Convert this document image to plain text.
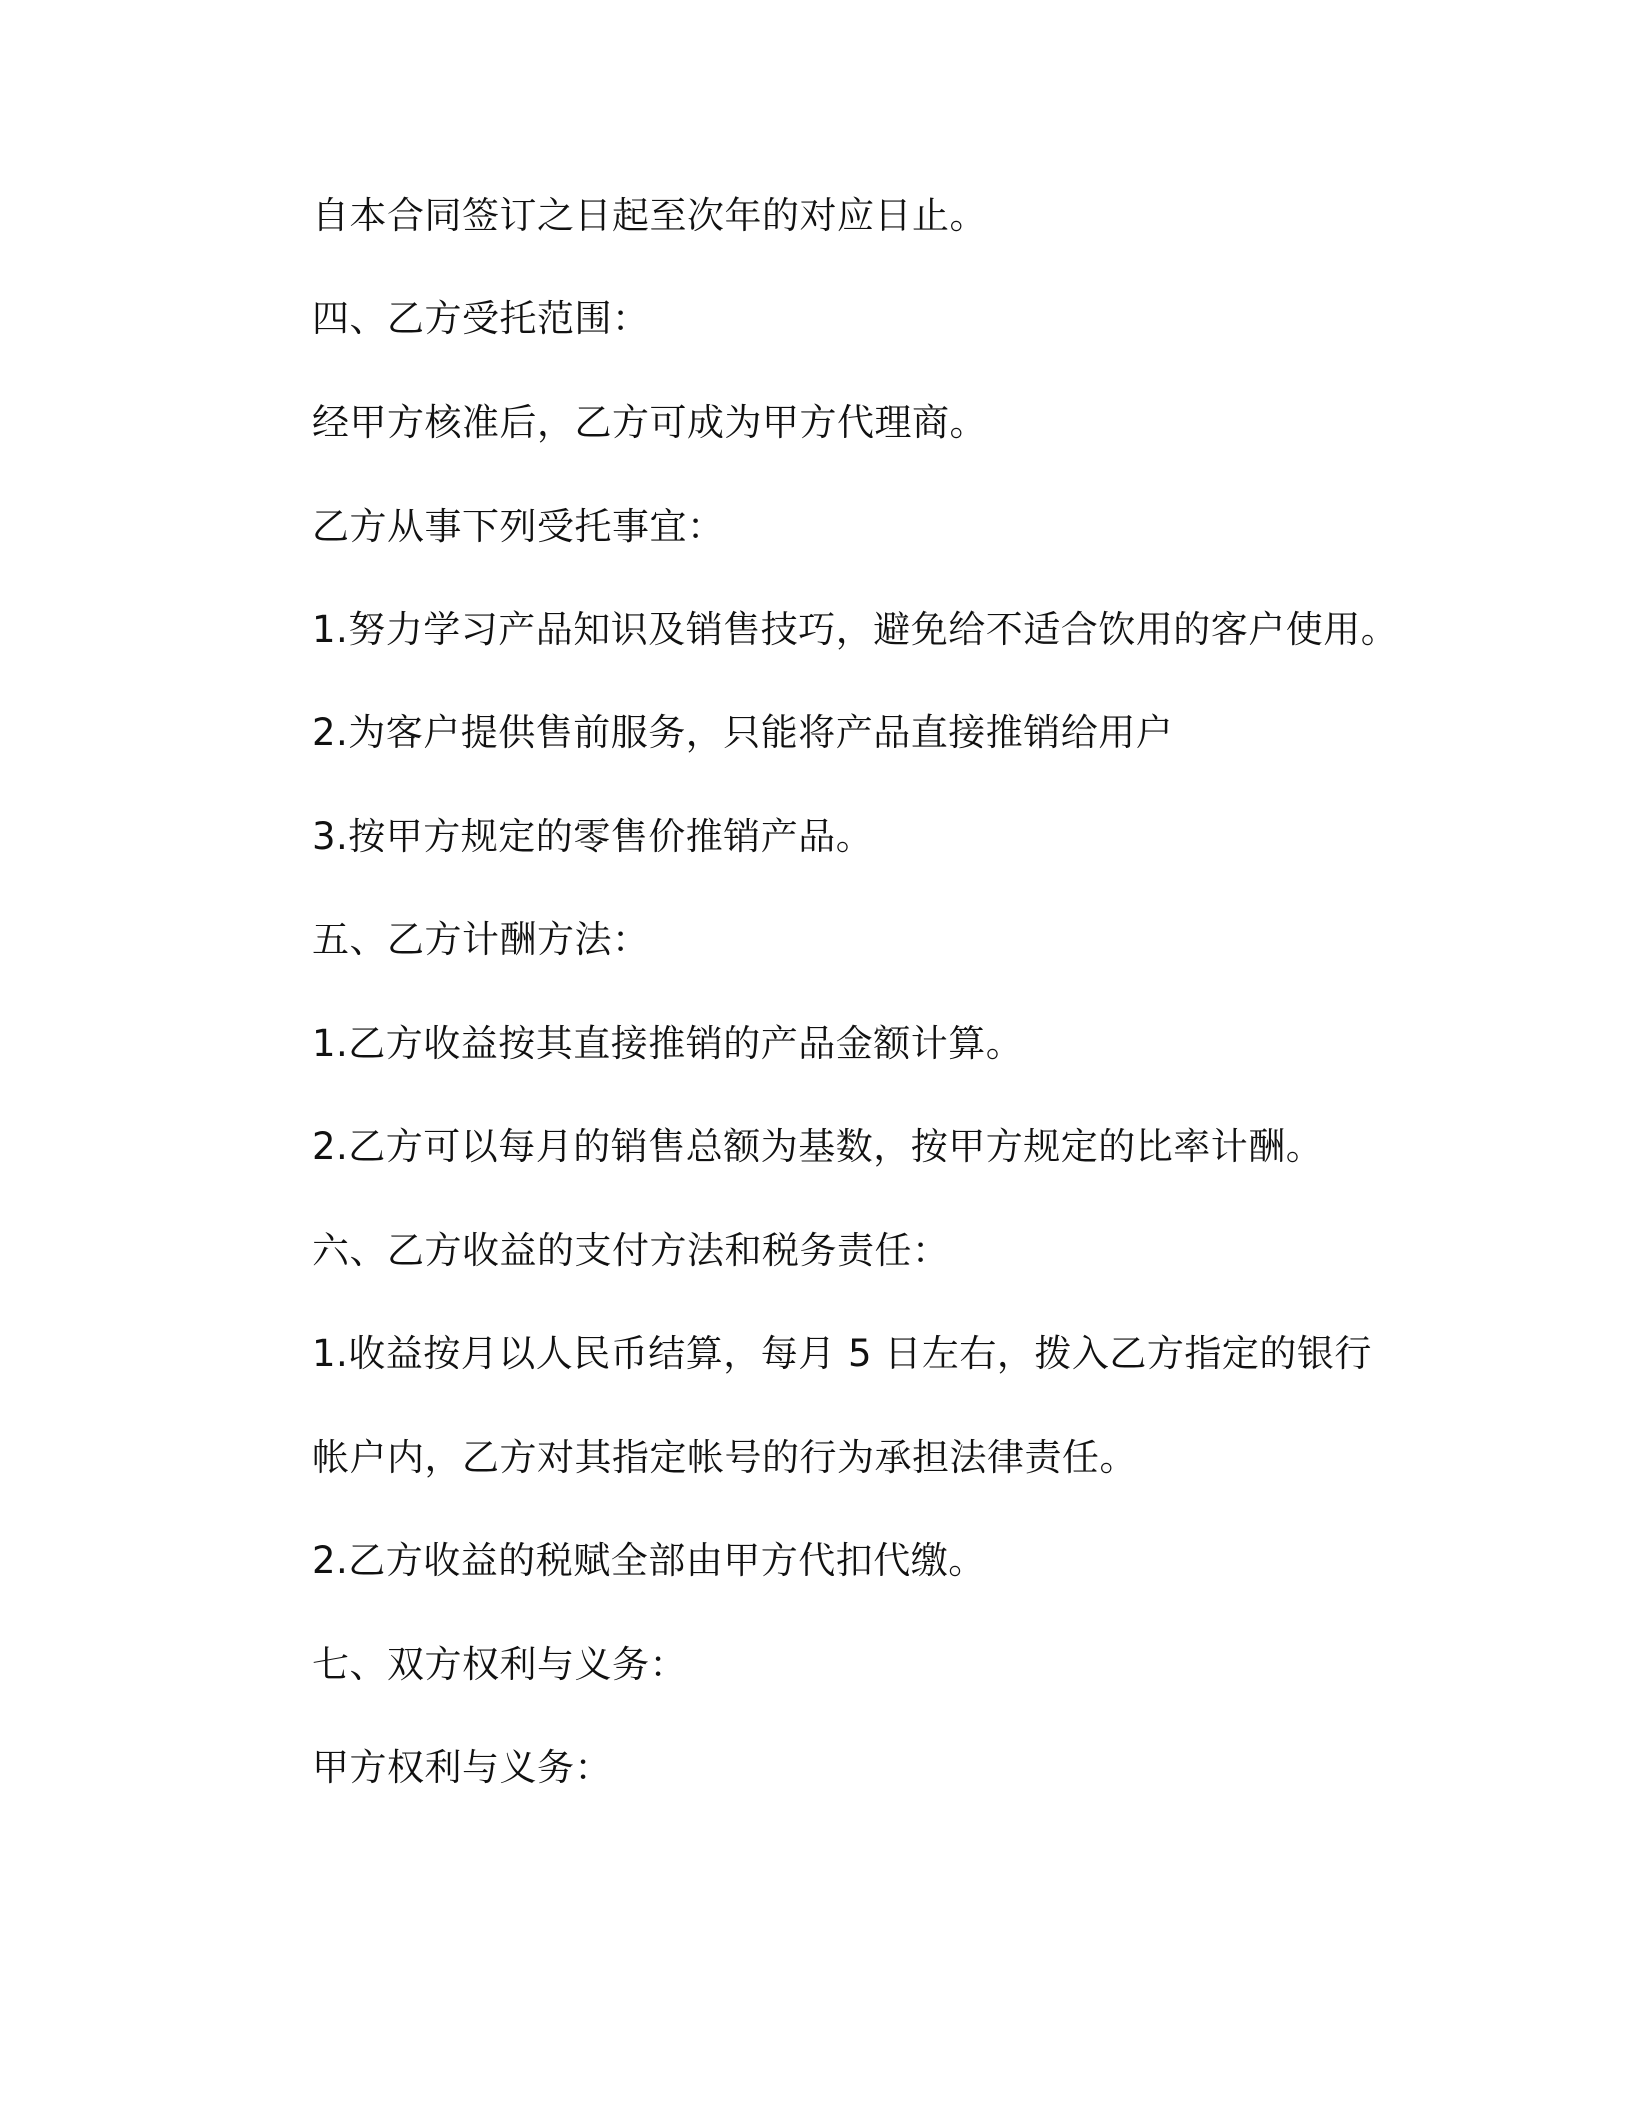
自本合同签订之日起至次年的对应日止。
四、乙方受托范围：
经甲方核准后，乙方可成为甲方代理商。
乙方从事下列受托事宜：
1.努力学习产品知识及销售技巧，避免给不适合饮用的客户使用。
2.为客户提供售前服务，只能将产品直接推销给用户
3.按甲方规定的零售价推销产品。
五、乙方计酬方法：
1.乙方收益按其直接推销的产品金额计算。
2.乙方可以每月的销售总额为基数，按甲方规定的比率计酬。
六、乙方收益的支付方法和税务责任：
1.收益按月以人民币结算，每月 5 日左右，拨入乙方指定的银行
帐户内，乙方对其指定帐号的行为承担法律责任。
2.乙方收益的税赋全部由甲方代扣代缴。
七、双方权利与义务：
甲方权利与义务：
